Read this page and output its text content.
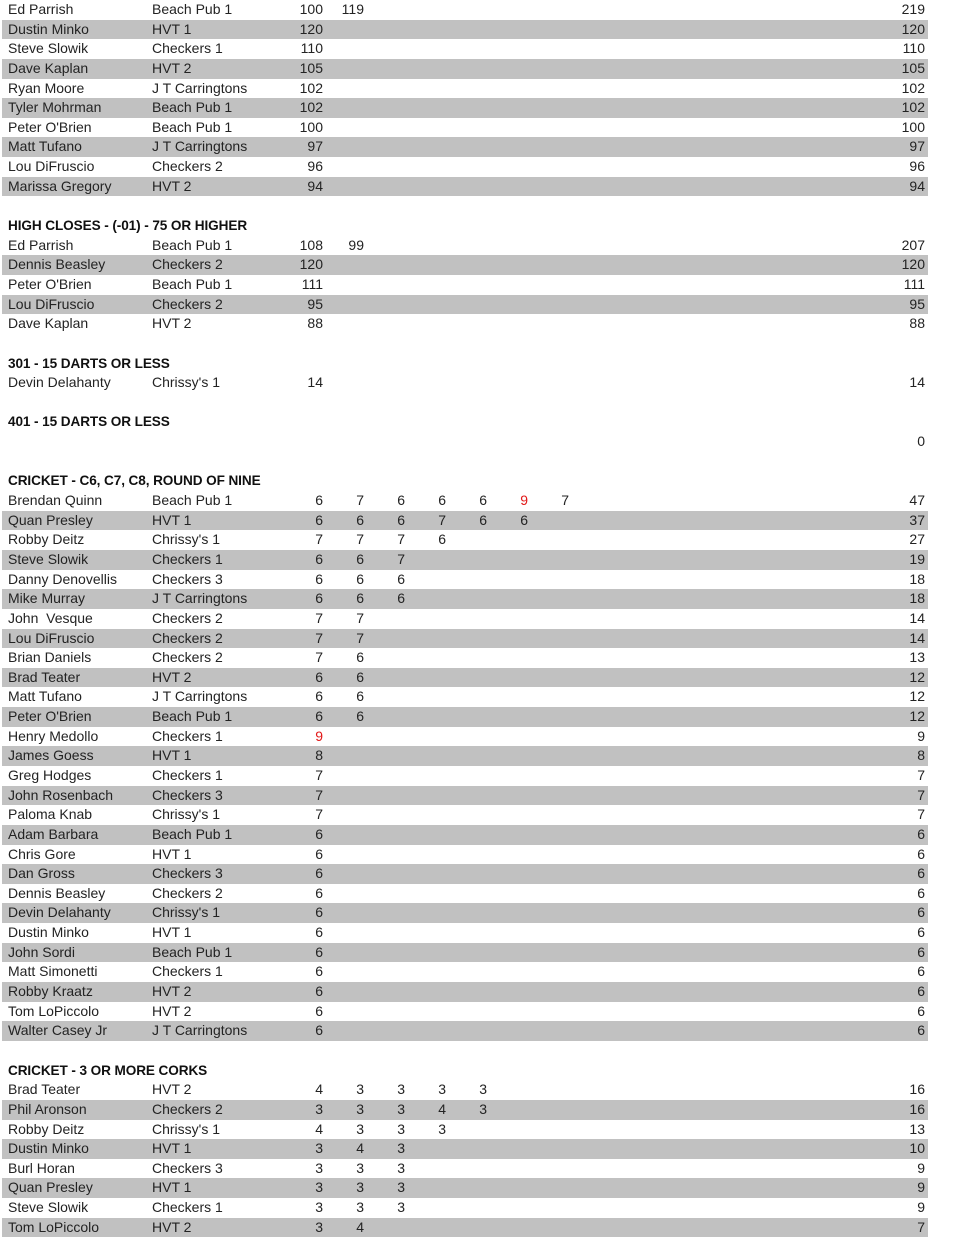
Ed Parrish	Beach Pub 1	100	119	219
Dustin Minko	HVT 1	120	120
Steve Slowik	Checkers 1	110	110
Dave Kaplan	HVT 2	105	105
Ryan Moore	J T Carringtons	102	102
Tyler Mohrman	Beach Pub 1	102	102
Peter O'Brien	Beach Pub 1	100	100
Matt Tufano	J T Carringtons	97	97
Lou DiFruscio	Checkers 2	96	96
Marissa Gregory	HVT 2	94	94
HIGH CLOSES - (-01) - 75 OR HIGHER
Ed Parrish	Beach Pub 1	108	99	207
Dennis Beasley	Checkers 2	120	120
Peter O'Brien	Beach Pub 1	111	111
Lou DiFruscio	Checkers 2	95	95
Dave Kaplan	HVT 2	88	88
301 - 15 DARTS OR LESS
Devin Delahanty	Chrissy's 1	14	14
401 - 15 DARTS OR LESS
0
CRICKET - C6, C7, C8, ROUND OF NINE
Brendan Quinn	Beach Pub 1	6	7	6	6	6	9	7	47
Quan Presley	HVT 1	6	6	6	7	6	6	37
Robby Deitz	Chrissy's 1	7	7	7	6	27
Steve Slowik	Checkers 1	6	6	7	19
Danny Denovellis	Checkers 3	6	6	6	18
Mike Murray	J T Carringtons	6	6	6	18
John  Vesque	Checkers 2	7	7	14
Lou DiFruscio	Checkers 2	7	7	14
Brian Daniels	Checkers 2	7	6	13
Brad Teater	HVT 2	6	6	12
Matt Tufano	J T Carringtons	6	6	12
Peter O'Brien	Beach Pub 1	6	6	12
Henry Medollo	Checkers 1	9	9
James Goess	HVT 1	8	8
Greg Hodges	Checkers 1	7	7
John Rosenbach	Checkers 3	7	7
Paloma Knab	Chrissy's 1	7	7
Adam Barbara	Beach Pub 1	6	6
Chris Gore	HVT 1	6	6
Dan Gross	Checkers 3	6	6
Dennis Beasley	Checkers 2	6	6
Devin Delahanty	Chrissy's 1	6	6
Dustin Minko	HVT 1	6	6
John Sordi	Beach Pub 1	6	6
Matt Simonetti	Checkers 1	6	6
Robby Kraatz	HVT 2	6	6
Tom LoPiccolo	HVT 2	6	6
Walter Casey Jr	J T Carringtons	6	6
CRICKET - 3 OR MORE CORKS
Brad Teater	HVT 2	4	3	3	3	3	16
Phil Aronson	Checkers 2	3	3	3	4	3	16
Robby Deitz	Chrissy's 1	4	3	3	3	13
Dustin Minko	HVT 1	3	4	3	10
Burl Horan	Checkers 3	3	3	3	9
Quan Presley	HVT 1	3	3	3	9
Steve Slowik	Checkers 1	3	3	3	9
Tom LoPiccolo	HVT 2	3	4	7
